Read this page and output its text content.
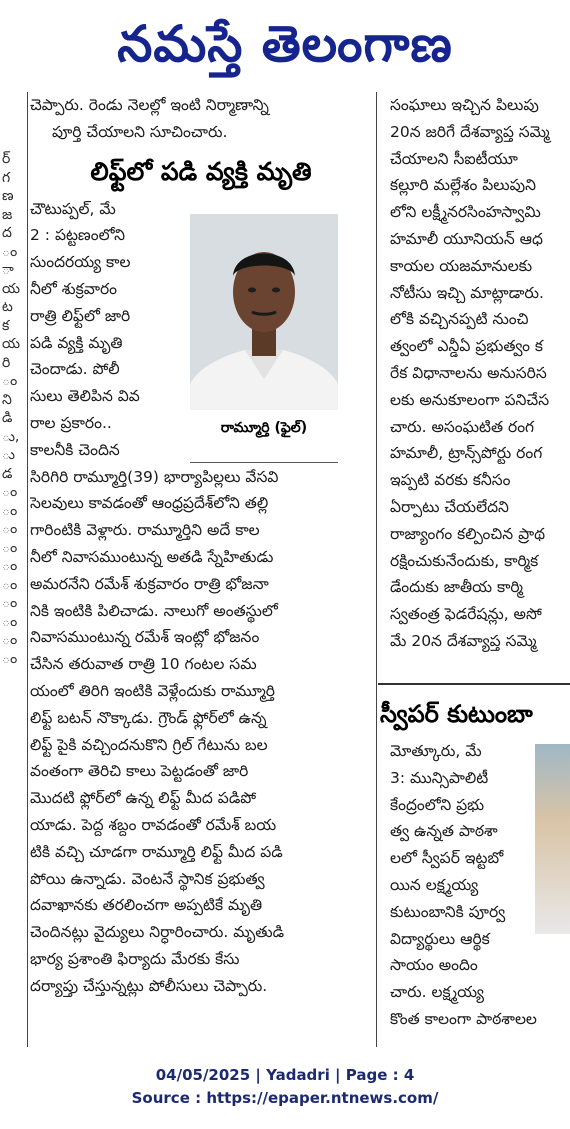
నమస్తే తెలంగాణ
ర్
గ
ణ
జ
ద
ం
ా
య
ట
క
య
రి
ం
ని
డి
ు,
ు
డ
ం
ం
ం
ం
ం
ం
ం
ం
ం
ం
చెప్పారు. రెండు నెలల్లో ఇంటి నిర్మాణాన్ని
పూర్తి చేయాలని సూచించారు.
లిఫ్ట్‌లో పడి వ్యక్తి మృతి
చౌటుప్పల్, మే
2 : పట్టణంలోని
సుందరయ్య కాల
నీలో శుక్రవారం
రాత్రి లిఫ్ట్‌లో జారి
పడి వ్యక్తి మృతి
చెందాడు. పోలీ
సులు తెలిపిన వివ
రాల ప్రకారం..
కాలనీకి చెందిన
సిరిగిరి రామ్మూర్తి(39) భార్యాపిల్లలు వేసవి
సెలవులు కావడంతో ఆంధ్రప్రదేశ్‌లోని తల్లి
గారింటికి వెళ్లారు. రామ్మూర్తిని అదే కాల
నీలో నివాసముంటున్న అతడి స్నేహితుడు
అమరనేని రమేశ్ శుక్రవారం రాత్రి భోజనా
నికి ఇంటికి పిలిచాడు. నాలుగో అంతస్థులో
నివాసముంటున్న రమేశ్ ఇంట్లో భోజనం
చేసిన తరువాత రాత్రి 10 గంటల సమ
యంలో తిరిగి ఇంటికి వెళ్లేందుకు రామ్మూర్తి
లిఫ్ట్ బటన్ నొక్కాడు. గ్రౌండ్ ఫ్లోర్‌లో ఉన్న
లిఫ్ట్ పైకి వచ్చిందనుకొని గ్రిల్ గేటును బల
వంతంగా తెరిచి కాలు పెట్టడంతో జారి
మొదటి ఫ్లోర్‌లో ఉన్న లిఫ్ట్ మీద పడిపో
యాడు. పెద్ద శబ్దం రావడంతో రమేశ్ బయ
టికి వచ్చి చూడగా రామ్మూర్తి లిఫ్ట్ మీద పడి
పోయి ఉన్నాడు. వెంటనే స్థానిక ప్రభుత్వ
దవాఖానకు తరలించగా అప్పటికే మృతి
చెందినట్లు వైద్యులు నిర్ధారించారు. మృతుడి
భార్య ప్రశాంతి ఫిర్యాదు మేరకు కేసు
దర్యాప్తు చేస్తున్నట్లు పోలీసులు చెప్పారు.
రామ్మూర్తి (ఫైల్)
సంఘాలు ఇచ్చిన పిలుపు
20న జరిగే దేశవ్యాప్త సమ్మె
చేయాలని సీఐటీయూ
కల్లూరి మల్లేశం పిలుపుని
లోని లక్ష్మీనరసింహస్వామి
హమాలీ యూనియన్ ఆధ
కాయల యజమానులకు
నోటీసు ఇచ్చి మాట్లాడారు.
లోకి వచ్చినప్పటి నుంచి
త్వంలో ఎన్డీఏ ప్రభుత్వం క
రేక విధానాలను అనుసరిస
లకు అనుకూలంగా పనిచేస
చారు. అసంఘటిత రంగ
హమాలీ, ట్రాన్స్‌పోర్టు రంగ
ఇప్పటి వరకు కనీసం
ఏర్పాటు చేయలేదని
రాజ్యాంగం కల్పించిన ప్రాథ
రక్షించుకునేందుకు, కార్మిక
డేందుకు జాతీయ కార్మి
స్వతంత్ర ఫెడరేషన్లు, అసో
మే 20న దేశవ్యాప్త సమ్మె
స్వీపర్ కుటుంబా
మోత్కూరు, మే
3: మున్సిపాలిటీ
కేంద్రంలోని ప్రభు
త్వ ఉన్నత పాఠశా
లలో స్వీపర్ ఇట్టబో
యిన లక్ష్మయ్య
కుటుంబానికి పూర్వ
విద్యార్థులు ఆర్థిక
సాయం అందిం
చారు. లక్ష్మయ్య
కొంత కాలంగా పాఠశాలల
04/05/2025 | Yadadri | Page : 4
Source : https://epaper.ntnews.com/
